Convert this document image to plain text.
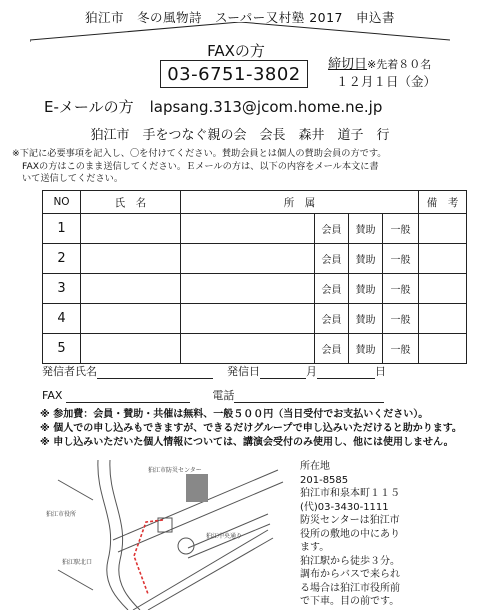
狛江市　冬の風物詩　スーパー又村塾 2017　申込書
FAXの方
03-6751-3802	締切日※先着８０名
１２月１日（金）
E-メールの方 lapsang.313@jcom.home.ne.jp
狛江市　手をつなぐ親の会　会長　森井　道子　行
※下記に必要事項を記入し、〇を付けてください。賛助会員とは個人の賛助会員の方です。
FAXの方はこのまま送信してください。Ｅメールの方は、以下の内容をメール本文に書
いて送信してください。
NO	氏　名	所　属				備　考
1			会員	賛助	一般	
2			会員	賛助	一般	
3			会員	賛助	一般	
4			会員	賛助	一般	
5			会員	賛助	一般	
発信者氏名	発信日	月	日
FAX	電話
※ 参加費：会員・賛助・共催は無料、一般５００円（当日受付でお支払いください）。
※ 個人での申し込みもできますが、できるだけグループで申し込みいただけると助かります。
※ 申し込みいただいた個人情報については、講演会受付のみ使用し、他には使用しません。
狛江市防災センター
狛江市役所
狛江駅北口
狛江中央通り
所在地
201-8585
狛江市和泉本町１１５
(代)03-3430-1111
防災センターは狛江市
役所の敷地の中にあり
ます。
狛江駅から徒歩３分。
調布からバスで来られ
る場合は狛江市役所前
で下車。目の前です。
